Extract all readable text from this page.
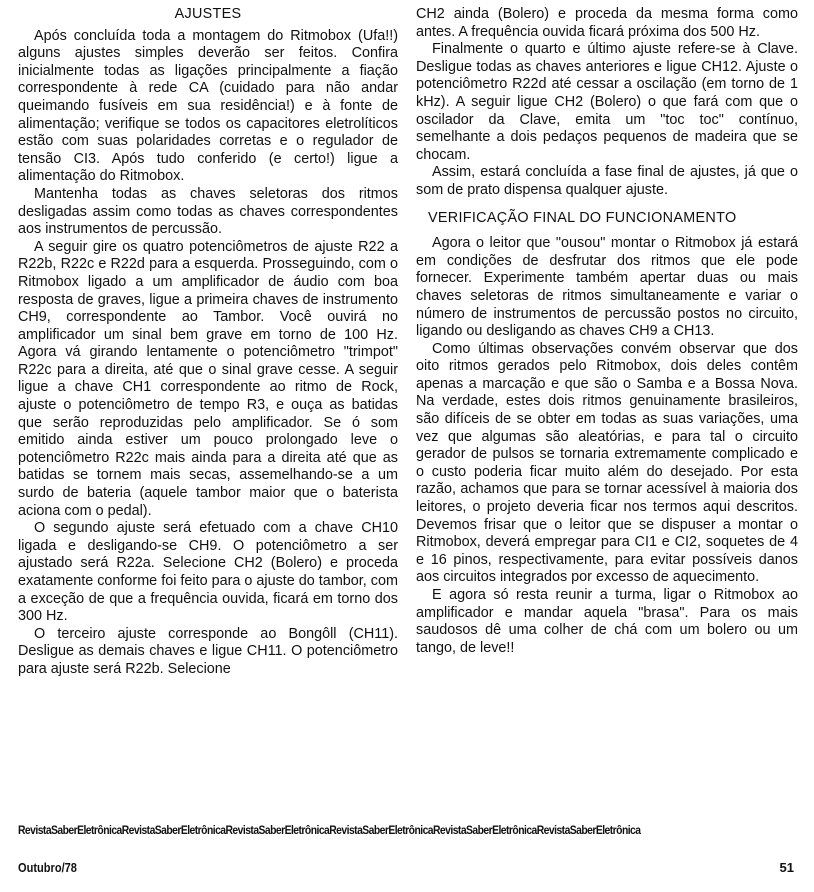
AJUSTES

Após concluída toda a montagem do Ritmobox (Ufa!!) alguns ajustes simples deverão ser feitos. Confira inicialmente todas as ligações principalmente a fiação correspondente à rede CA (cuidado para não andar queimando fusíveis em sua residência!) e à fonte de alimentação; verifique se todos os capacitores eletrolíticos estão com suas polaridades corretas e o regulador de tensão CI3. Após tudo conferido (e certo!) ligue a alimentação do Ritmobox.

Mantenha todas as chaves seletoras dos ritmos desligadas assim como todas as chaves correspondentes aos instrumentos de percussão.

A seguir gire os quatro potenciômetros de ajuste R22 a R22b, R22c e R22d para a esquerda. Prosseguindo, com o Ritmobox ligado a um amplificador de áudio com boa resposta de graves, ligue a primeira chaves de instrumento CH9, correspondente ao Tambor. Você ouvirá no amplificador um sinal bem grave em torno de 100 Hz. Agora vá girando lentamente o potenciômetro "trimpot" R22c para a direita, até que o sinal grave cesse. A seguir ligue a chave CH1 correspondente ao ritmo de Rock, ajuste o potenciômetro de tempo R3, e ouça as batidas que serão reproduzidas pelo amplificador. Se ó som emitido ainda estiver um pouco prolongado leve o potenciômetro R22c mais ainda para a direita até que as batidas se tornem mais secas, assemelhando-se a um surdo de bateria (aquele tambor maior que o baterista aciona com o pedal).

O segundo ajuste será efetuado com a chave CH10 ligada e desligando-se CH9. O potenciômetro a ser ajustado será R22a. Selecione CH2 (Bolero) e proceda exatamente conforme foi feito para o ajuste do tambor, com a exceção de que a frequência ouvida, ficará em torno dos 300 Hz.

O terceiro ajuste corresponde ao Bongôll (CH11). Desligue as demais chaves e ligue CH11. O potenciômetro para ajuste será R22b. Selecione

CH2 ainda (Bolero) e proceda da mesma forma como antes. A frequência ouvida ficará próxima dos 500 Hz.

Finalmente o quarto e último ajuste refere-se à Clave. Desligue todas as chaves anteriores e ligue CH12. Ajuste o potenciômetro R22d até cessar a oscilação (em torno de 1 kHz). A seguir ligue CH2 (Bolero) o que fará com que o oscilador da Clave, emita um "toc toc" contínuo, semelhante a dois pedaços pequenos de madeira que se chocam.

Assim, estará concluída a fase final de ajustes, já que o som de prato dispensa qualquer ajuste.

VERIFICAÇÃO FINAL DO FUNCIONAMENTO

Agora o leitor que "ousou" montar o Ritmobox já estará em condições de desfrutar dos ritmos que ele pode fornecer. Experimente também apertar duas ou mais chaves seletoras de ritmos simultaneamente e variar o número de instrumentos de percussão postos no circuito, ligando ou desligando as chaves CH9 a CH13.

Como últimas observações convém observar que dos oito ritmos gerados pelo Ritmobox, dois deles contêm apenas a marcação e que são o Samba e a Bossa Nova. Na verdade, estes dois ritmos genuinamente brasileiros, são difíceis de se obter em todas as suas variações, uma vez que algumas são aleatórias, e para tal o circuito gerador de pulsos se tornaria extremamente complicado e o custo poderia ficar muito além do desejado. Por esta razão, achamos que para se tornar acessível à maioria dos leitores, o projeto deveria ficar nos termos aqui descritos. Devemos frisar que o leitor que se dispuser a montar o Ritmobox, deverá empregar para CI1 e CI2, soquetes de 4 e 16 pinos, respectivamente, para evitar possíveis danos aos circuitos integrados por excesso de aquecimento.

E agora só resta reunir a turma, ligar o Ritmobox ao amplificador e mandar aquela "brasa". Para os mais saudosos dê uma colher de chá com um bolero ou um tango, de leve!!

RevistaSaberEletrônicaRevistaSaberEletrônicaRevistaSaberEletrônicaRevistaSaberEletrônicaRevistaSaberEletrônicaRevistaSaberEletrônica
Outubro/78	51
